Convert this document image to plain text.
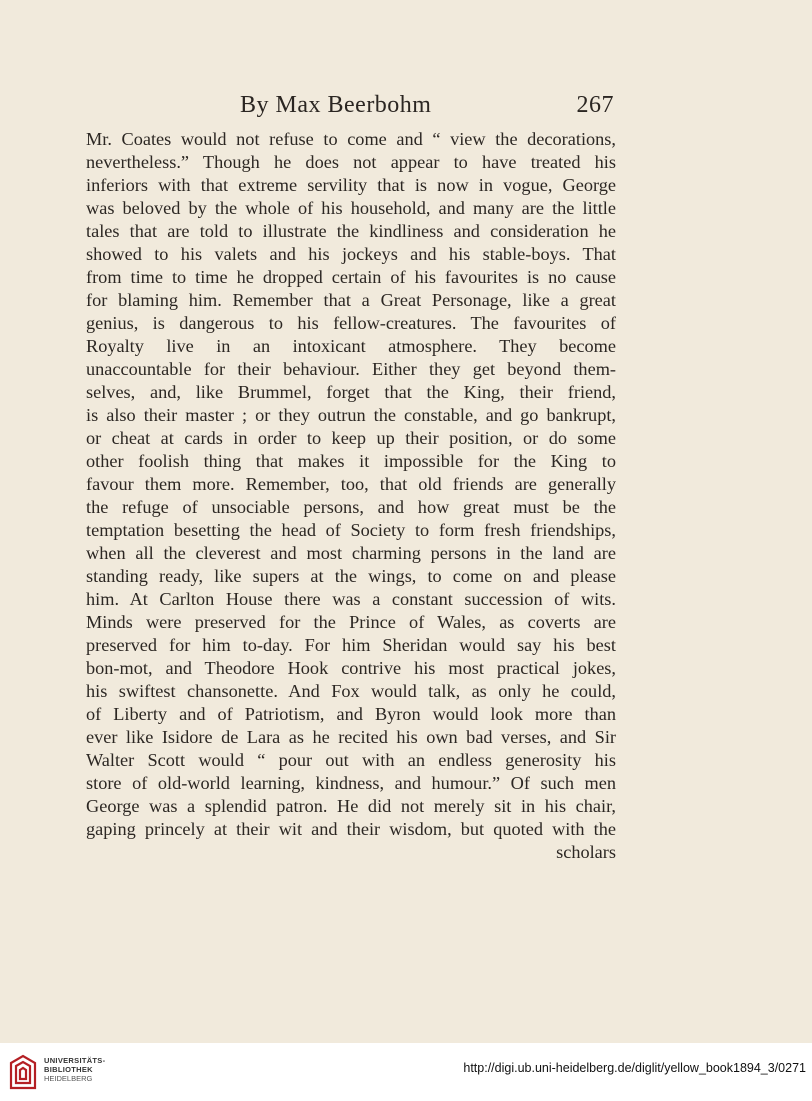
By Max Beerbohm	267
Mr. Coates would not refuse to come and “ view the decorations,
nevertheless.” Though he does not appear to have treated his
inferiors with that extreme servility that is now in vogue, George
was beloved by the whole of his household, and many are the little
tales that are told to illustrate the kindliness and consideration he
showed to his valets and his jockeys and his stable-boys. That
from time to time he dropped certain of his favourites is no cause
for blaming him. Remember that a Great Personage, like a great
genius, is dangerous to his fellow-creatures. The favourites of
Royalty live in an intoxicant atmosphere. They become
unaccountable for their behaviour. Either they get beyond them-
selves, and, like Brummel, forget that the King, their friend,
is also their master ; or they outrun the constable, and go bankrupt,
or cheat at cards in order to keep up their position, or do some
other foolish thing that makes it impossible for the King to
favour them more. Remember, too, that old friends are generally
the refuge of unsociable persons, and how great must be the
temptation besetting the head of Society to form fresh friendships,
when all the cleverest and most charming persons in the land are
standing ready, like supers at the wings, to come on and please
him. At Carlton House there was a constant succession of wits.
Minds were preserved for the Prince of Wales, as coverts are
preserved for him to-day. For him Sheridan would say his best
bon-mot, and Theodore Hook contrive his most practical jokes,
his swiftest chansonette. And Fox would talk, as only he could,
of Liberty and of Patriotism, and Byron would look more than
ever like Isidore de Lara as he recited his own bad verses, and Sir
Walter Scott would “ pour out with an endless generosity his
store of old-world learning, kindness, and humour.” Of such men
George was a splendid patron. He did not merely sit in his chair,
gaping princely at their wit and their wisdom, but quoted with the
scholars
UNIVERSITÄTS-
BIBLIOTHEK
HEIDELBERG
http://digi.ub.uni-heidelberg.de/diglit/yellow_book1894_3/0271
